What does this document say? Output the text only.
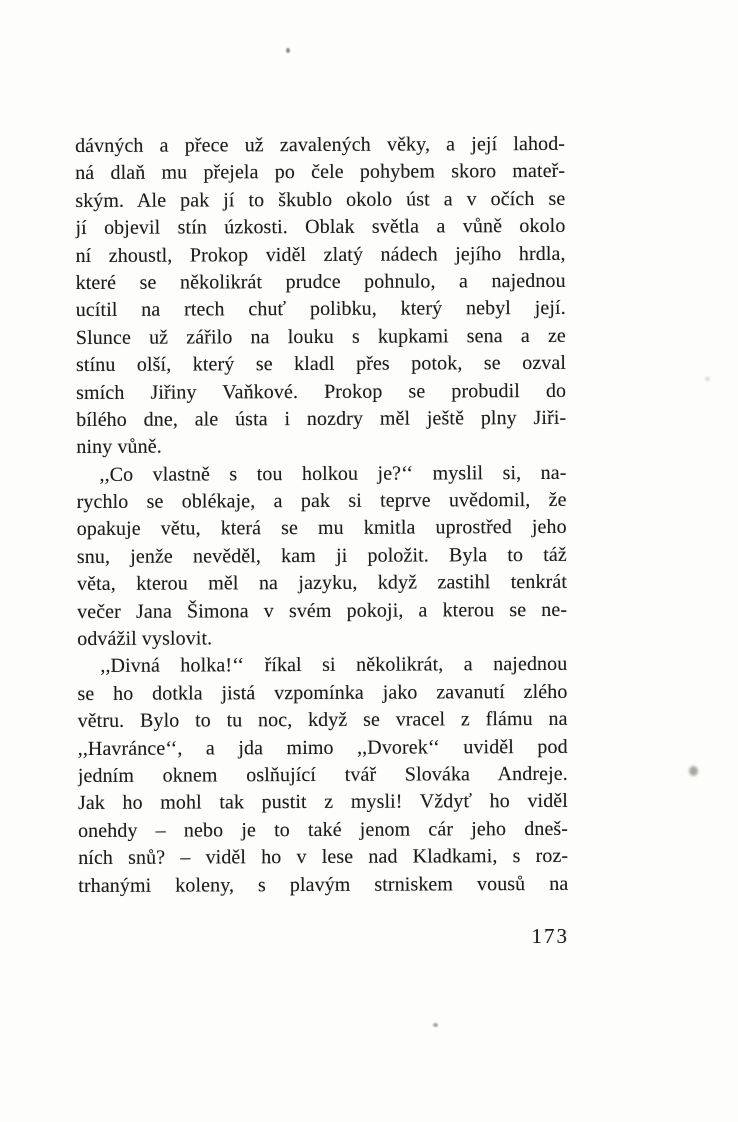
dávných a přece už zavalených věky, a její lahod-
ná dlaň mu přejela po čele pohybem skoro mateř-
ským. Ale pak jí to škublo okolo úst a v očích se
jí objevil stín úzkosti. Oblak světla a vůně okolo
ní zhoustl, Prokop viděl zlatý nádech jejího hrdla,
které se několikrát prudce pohnulo, a najednou
ucítil na rtech chuť polibku, který nebyl její.
Slunce už zářilo na louku s kupkami sena a ze
stínu olší, který se kladl přes potok, se ozval
smích Jiřiny Vaňkové. Prokop se probudil do
bílého dne, ale ústa i nozdry měl ještě plny Jiři-
niny vůně.
,,Co vlastně s tou holkou je?‘‘ myslil si, na-
rychlo se oblékaje, a pak si teprve uvědomil, že
opakuje větu, která se mu kmitla uprostřed jeho
snu, jenže nevěděl, kam ji položit. Byla to táž
věta, kterou měl na jazyku, když zastihl tenkrát
večer Jana Šimona v svém pokoji, a kterou se ne-
odvážil vyslovit.
,,Divná holka!‘‘ říkal si několikrát, a najednou
se ho dotkla jistá vzpomínka jako zavanutí zlého
větru. Bylo to tu noc, když se vracel z flámu na
,,Havránce‘‘, a jda mimo ,,Dvorek‘‘ uviděl pod
jedním oknem oslňující tvář Slováka Andreje.
Jak ho mohl tak pustit z mysli! Vždyť ho viděl
onehdy – nebo je to také jenom cár jeho dneš-
ních snů? – viděl ho v lese nad Kladkami, s roz-
trhanými koleny, s plavým strniskem vousů na
173
